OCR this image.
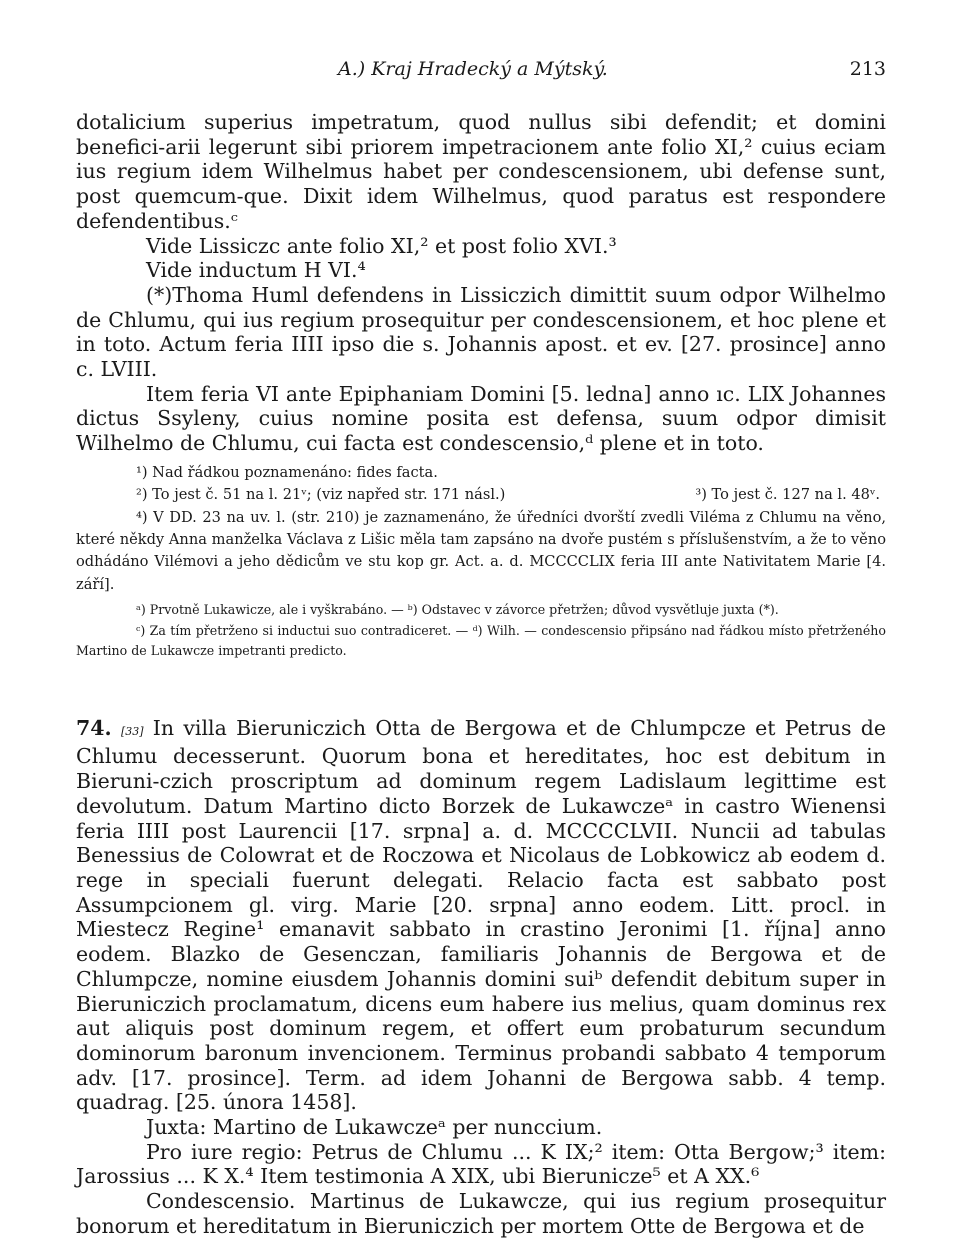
A.) Kraj Hradecký a Mýtský.	213

dotalicium superius impetratum, quod nullus sibi defendit; et domini benefici-arii legerunt sibi priorem impetracionem ante folio XI,² cuius eciam ius regium idem Wilhelmus habet per condescensionem, ubi defense sunt, post quemcum-que. Dixit idem Wilhelmus, quod paratus est respondere defendentibus.ᶜ

Vide Lissiczc ante folio XI,² et post folio XVI.³

Vide inductum H VI.⁴

(*)Thoma Huml defendens in Lissiczich dimittit suum odpor Wilhelmo de Chlumu, qui ius regium prosequitur per condescensionem, et hoc plene et in toto. Actum feria IIII ipso die s. Johannis apost. et ev. [27. prosince] anno c. LVIII.

Item feria VI ante Epiphaniam Domini [5. ledna] anno ıc. LIX Johannes dictus Ssyleny, cuius nomine posita est defensa, suum odpor dimisit Wilhelmo de Chlumu, cui facta est condescensio,ᵈ plene et in toto.

¹) Nad řádkou poznamenáno: fides facta.

²) To jest č. 51 na l. 21ᵛ; (viz napřed str. 171 násl.)	³) To jest č. 127 na l. 48ᵛ.

⁴) V DD. 23 na uv. l. (str. 210) je zaznamenáno, že úředníci dvorští zvedli Viléma z Chlumu na věno, které někdy Anna manželka Václava z Lišic měla tam zapsáno na dvoře pustém s příslušenstvím, a že to věno odhádáno Vilémovi a jeho dědicům ve stu kop gr. Act. a. d. MCCCCLIX feria III ante Nativitatem Marie [4. září].

ᵃ) Prvotně Lukawicze, ale i vyškrabáno. — ᵇ) Odstavec v závorce přetržen; důvod vysvětluje juxta (*).

ᶜ) Za tím přetrženo si inductui suo contradiceret. — ᵈ) Wilh. — condescensio připsáno nad řádkou místo přetrženého Martino de Lukawcze impetranti predicto.

74. [33] In villa Bieruniczich Otta de Bergowa et de Chlumpcze et Petrus de Chlumu decesserunt. Quorum bona et hereditates, hoc est debitum in Bieruni-czich proscriptum ad dominum regem Ladislaum legittime est devolutum. Datum Martino dicto Borzek de Lukawczeᵃ in castro Wienensi feria IIII post Laurencii [17. srpna] a. d. MCCCCLVII. Nuncii ad tabulas Benessius de Colowrat et de Roczowa et Nicolaus de Lobkowicz ab eodem d. rege in speciali fuerunt delegati. Relacio facta est sabbato post Assumpcionem gl. virg. Marie [20. srpna] anno eodem. Litt. procl. in Miestecz Regine¹ emanavit sabbato in crastino Jeronimi [1. října] anno eodem. Blazko de Gesenczan, familiaris Johannis de Bergowa et de Chlumpcze, nomine eiusdem Johannis domini suiᵇ defendit debitum super in Bieruniczich proclamatum, dicens eum habere ius melius, quam dominus rex aut aliquis post dominum regem, et offert eum probaturum secundum dominorum baronum invencionem. Terminus probandi sabbato 4 temporum adv. [17. prosince]. Term. ad idem Johanni de Bergowa sabb. 4 temp. quadrag. [25. února 1458].

Juxta: Martino de Lukawczeᵃ per nunccium.

Pro iure regio: Petrus de Chlumu ... K IX;² item: Otta Bergow;³ item: Jarossius ... K X.⁴ Item testimonia A XIX, ubi Bierunicze⁵ et A XX.⁶

Condescensio. Martinus de Lukawcze, qui ius regium prosequitur bonorum et hereditatum in Bieruniczich per mortem Otte de Bergowa et de
